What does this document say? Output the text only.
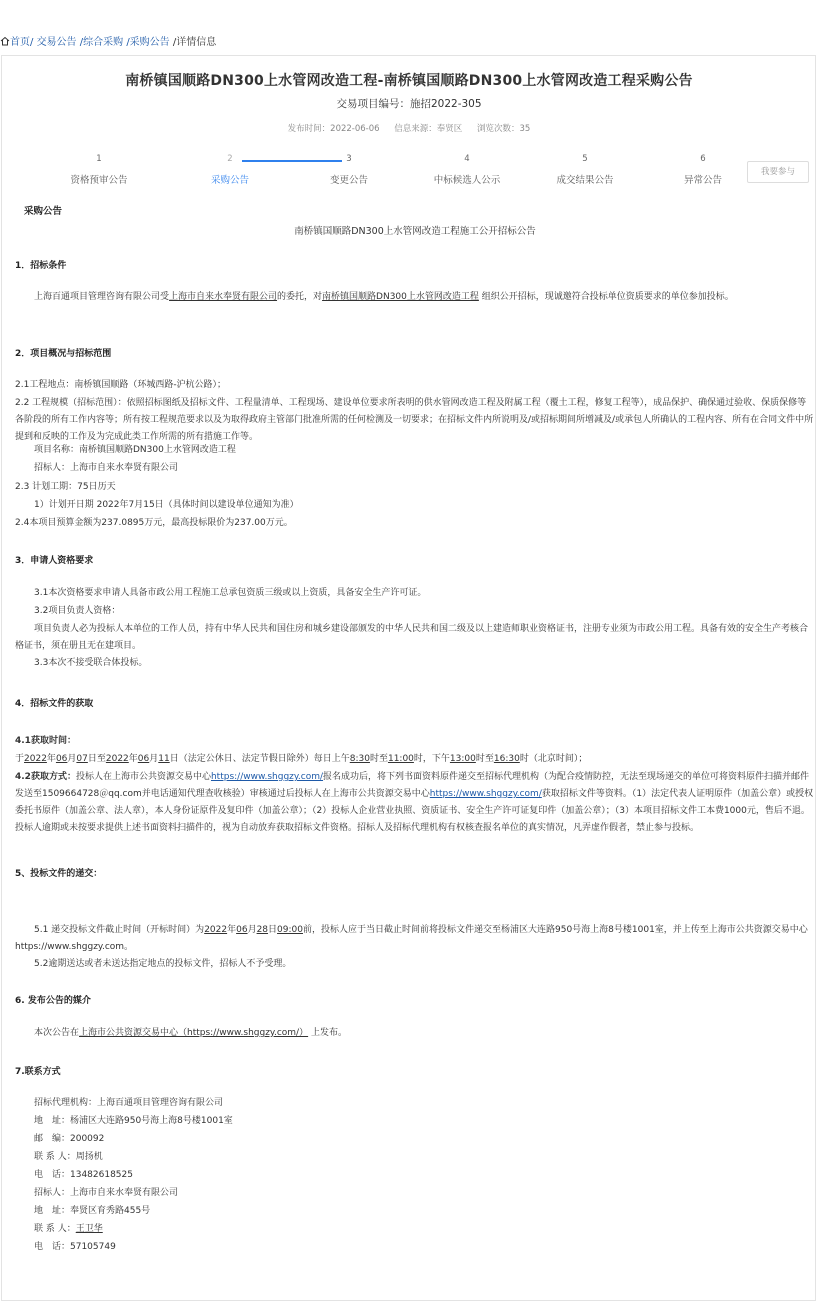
首页/ 交易公告 /综合采购 /采购公告 /详情信息
南桥镇国顺路DN300上水管网改造工程-南桥镇国顺路DN300上水管网改造工程采购公告
交易项目编号：施招2022-305
发布时间：2022-06-06 信息来源：奉贤区 浏览次数：35
1
资格预审公告
2
采购公告
3
变更公告
4
中标候选人公示
5
成交结果公告
6
异常公告
我要参与
采购公告
南桥镇国顺路DN300上水管网改造工程施工公开招标公告
1．招标条件
上海百通项目管理咨询有限公司受上海市自来水奉贤有限公司的委托，对南桥镇国顺路DN300上水管网改造工程 组织公开招标，现诚邀符合投标单位资质要求的单位参加投标。
2．项目概况与招标范围
2.1工程地点：南桥镇国顺路（环城西路-沪杭公路）；
2.2 工程规模（招标范围）：依照招标图纸及招标文件、工程量清单、工程现场、建设单位要求所表明的供水管网改造工程及附属工程（覆土工程，修复工程等），成品保护、确保通过验收、保质保修等各阶段的所有工作内容等；所有按工程规范要求以及为取得政府主管部门批准所需的任何检测及一切要求；在招标文件内所说明及/或招标期间所增减及/或承包人所确认的工程内容、所有在合同文件中所提到和反映的工作及为完成此类工作所需的所有措施工作等。
项目名称：南桥镇国顺路DN300上水管网改造工程
招标人：上海市自来水奉贤有限公司
2.3 计划工期：75日历天
1）计划开日期 2022年7月15日（具体时间以建设单位通知为准）
2.4本项目预算金额为237.0895万元，最高投标限价为237.00万元。
3．申请人资格要求
3.1本次资格要求申请人具备市政公用工程施工总承包资质三级或以上资质，具备安全生产许可证。
3.2项目负责人资格：
项目负责人必为投标人本单位的工作人员，持有中华人民共和国住房和城乡建设部颁发的中华人民共和国二级及以上建造师职业资格证书，注册专业须为市政公用工程。具备有效的安全生产考核合格证书，须在册且无在建项目。
3.3本次不接受联合体投标。
4．招标文件的获取
4.1获取时间：
于2022年06月07日至2022年06月11日（法定公休日、法定节假日除外）每日上午8:30时至11:00时，下午13:00时至16:30时（北京时间）；
4.2获取方式：投标人在上海市公共资源交易中心https://www.shggzy.com/报名成功后，将下列书面资料原件递交至招标代理机构（为配合疫情防控，无法至现场递交的单位可将资料原件扫描并邮件发送至1509664728＠qq.com并电话通知代理查收核验）审核通过后投标人在上海市公共资源交易中心https://www.shggzy.com/获取招标文件等资料。（1）法定代表人证明原件（加盖公章）或授权委托书原件（加盖公章、法人章），本人身份证原件及复印件（加盖公章）；（2）投标人企业营业执照、资质证书、安全生产许可证复印件（加盖公章）；（3）本项目招标文件工本费1000元，售后不退。投标人逾期或未按要求提供上述书面资料扫描件的，视为自动放弃获取招标文件资格。招标人及招标代理机构有权核查报名单位的真实情况，凡弄虚作假者，禁止参与投标。
5、投标文件的递交：
5.1 递交投标文件截止时间（开标时间）为2022年06月28日09:00前，投标人应于当日截止时间前将投标文件递交至杨浦区大连路950号海上海8号楼1001室，并上传至上海市公共资源交易中心https://www.shggzy.com。
5.2逾期送达或者未送达指定地点的投标文件，招标人不予受理。
6. 发布公告的媒介
本次公告在上海市公共资源交易中心（https://www.shggzy.com/） 上发布。
7.联系方式
招标代理机构：上海百通项目管理咨询有限公司
地　址：杨浦区大连路950号海上海8号楼1001室
邮　编：200092
联 系 人：周扬机
电　话：13482618525
招标人：上海市自来水奉贤有限公司
地　址：奉贤区育秀路455号
联 系 人：王卫华
电　话：57105749
